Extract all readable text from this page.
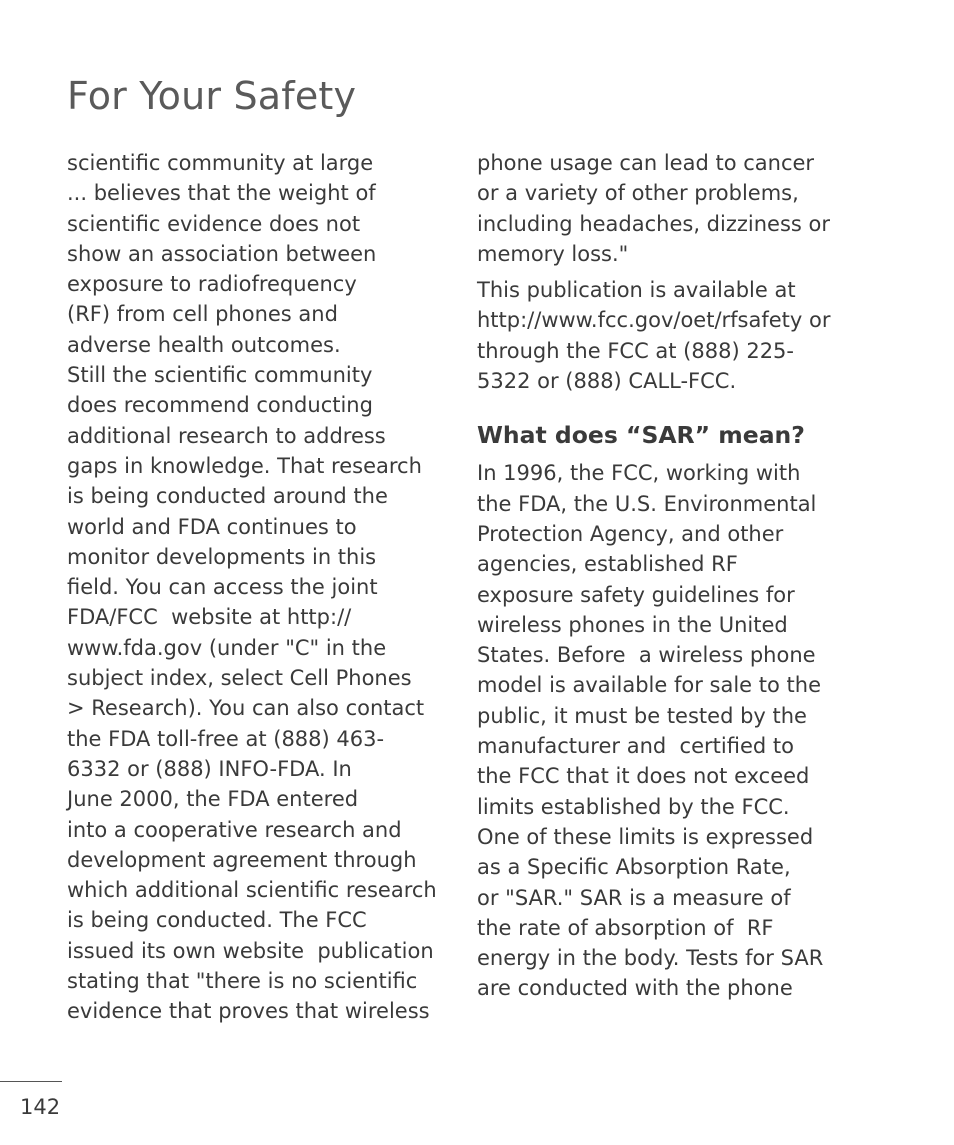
For Your Safety
scientific community at large
... believes that the weight of
scientific evidence does not
show an association between
exposure to radiofrequency
(RF) from cell phones and
adverse health outcomes.
Still the scientific community
does recommend conducting
additional research to address
gaps in knowledge. That research
is being conducted around the
world and FDA continues to
monitor developments in this
field. You can access the joint
FDA/FCC  website at http://
www.fda.gov (under "C" in the
subject index, select Cell Phones
> Research). You can also contact
the FDA toll-free at (888) 463-
6332 or (888) INFO-FDA. In
June 2000, the FDA entered
into a cooperative research and
development agreement through
which additional scientific research
is being conducted. The FCC
issued its own website  publication
stating that "there is no scientific
evidence that proves that wireless
phone usage can lead to cancer
or a variety of other problems,
including headaches, dizziness or
memory loss."
This publication is available at
http://www.fcc.gov/oet/rfsafety or
through the FCC at (888) 225-
5322 or (888) CALL-FCC.
What does “SAR” mean?
In 1996, the FCC, working with
the FDA, the U.S. Environmental
Protection Agency, and other
agencies, established RF
exposure safety guidelines for
wireless phones in the United
States. Before  a wireless phone
model is available for sale to the
public, it must be tested by the
manufacturer and  certified to
the FCC that it does not exceed
limits established by the FCC.
One of these limits is expressed
as a Specific Absorption Rate,
or "SAR." SAR is a measure of
the rate of absorption of  RF
energy in the body. Tests for SAR
are conducted with the phone
142
